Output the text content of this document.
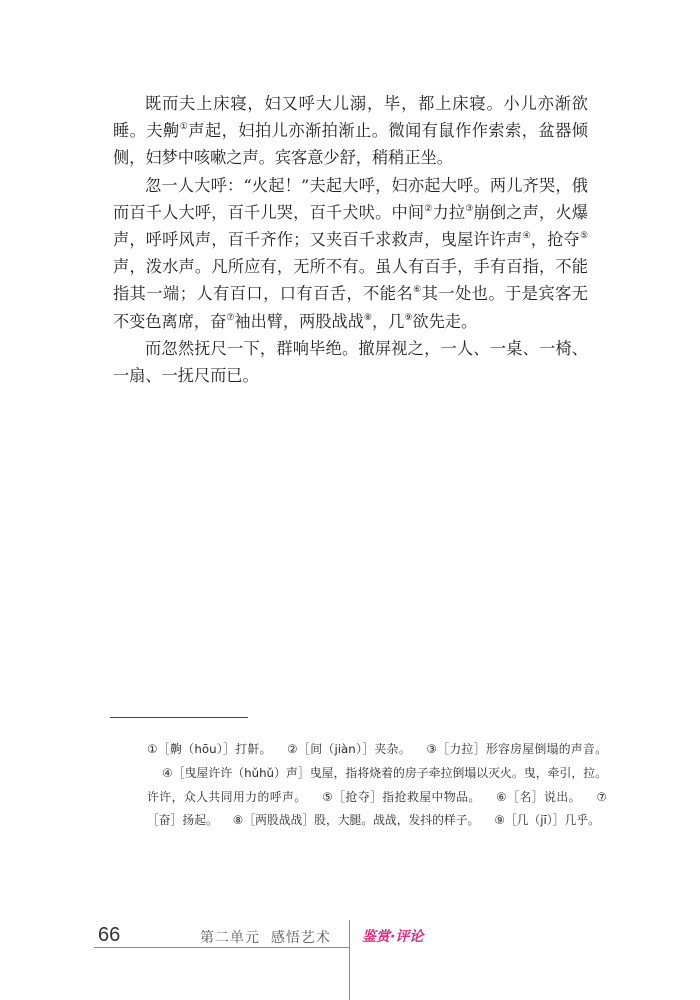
既而夫上床寝，妇又呼大儿溺，毕，都上床寝。小儿亦渐欲睡。夫齁①声起，妇拍儿亦渐拍渐止。微闻有鼠作作索索，盆器倾侧，妇梦中咳嗽之声。宾客意少舒，稍稍正坐。

忽一人大呼：“火起！”夫起大呼，妇亦起大呼。两儿齐哭，俄而百千人大呼，百千儿哭，百千犬吠。中间②力拉③崩倒之声，火爆声，呼呼风声，百千齐作；又夹百千求救声，曳屋许许声④，抢夺⑤声，泼水声。凡所应有，无所不有。虽人有百手，手有百指，不能指其一端；人有百口，口有百舌，不能名⑥其一处也。于是宾客无不变色离席，奋⑦袖出臂，两股战战⑧，几⑨欲先走。

而忽然抚尺一下，群响毕绝。撤屏视之，一人、一桌、一椅、一扇、一抚尺而已。

①［齁（hōu）］打鼾。 ②［间（jiàn）］夹杂。 ③［力拉］形容房屋倒塌的声音。④［曳屋许许（hǔhǔ）声］曳屋，指将烧着的房子牵拉倒塌以灭火。曳，牵引，拉。许许，众人共同用力的呼声。 ⑤［抢夺］指抢救屋中物品。 ⑥［名］说出。 ⑦［奋］扬起。 ⑧［两股战战］股，大腿。战战，发抖的样子。 ⑨［几（jī）］几乎。

66	第二单元  感悟艺术 鉴赏·评论
